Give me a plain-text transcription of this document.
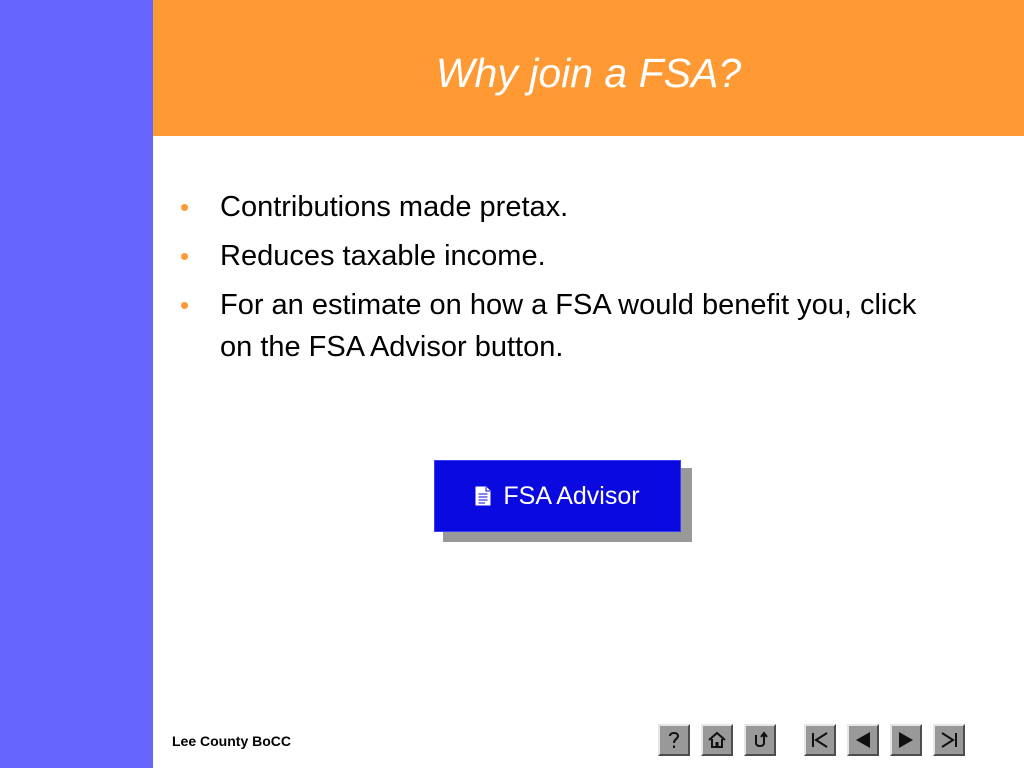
Why join a FSA?
• Contributions made pretax.
• Reduces taxable income.
• For an estimate on how a FSA would benefit you, click on the FSA Advisor button.
FSA Advisor
Lee County BoCC
